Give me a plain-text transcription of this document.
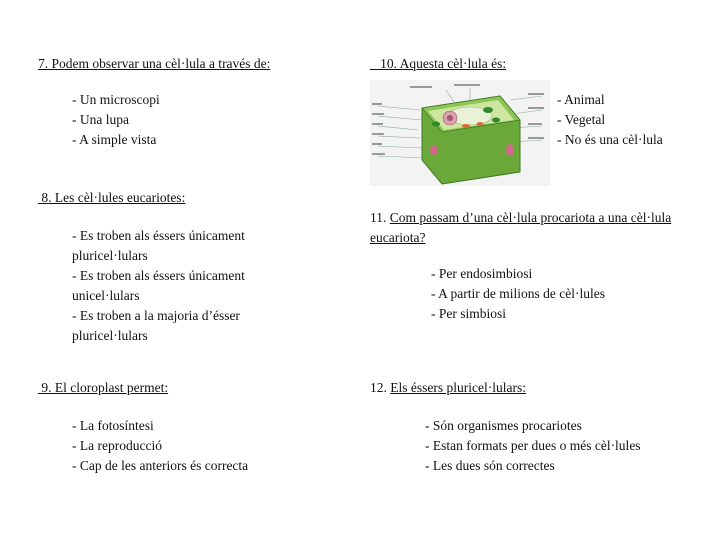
7. Podem observar una cèl·lula a través de:
- Un microscopi
- Una lupa
- A simple vista
8. Les cèl·lules eucariotes:
- Es troben als éssers únicament pluricel·lulars
- Es troben als éssers únicament unicel·lulars
- Es troben a la majoria d’ésser pluricel·lulars
9. El cloroplast permet:
- La fotosíntesi
- La reproducció
- Cap de les anteriors és correcta
10. Aquesta cèl·lula és:
- Animal
- Vegetal
- No és una cèl·lula
11. Com passam d’una cèl·lula procariota a una cèl·lula eucariota?
- Per endosimbiosi
- A partir de milions de cèl·lules
- Per simbiosi
12. Els éssers pluricel·lulars:
- Són organismes procariotes
- Estan formats per dues o més cèl·lules
- Les dues són correctes
